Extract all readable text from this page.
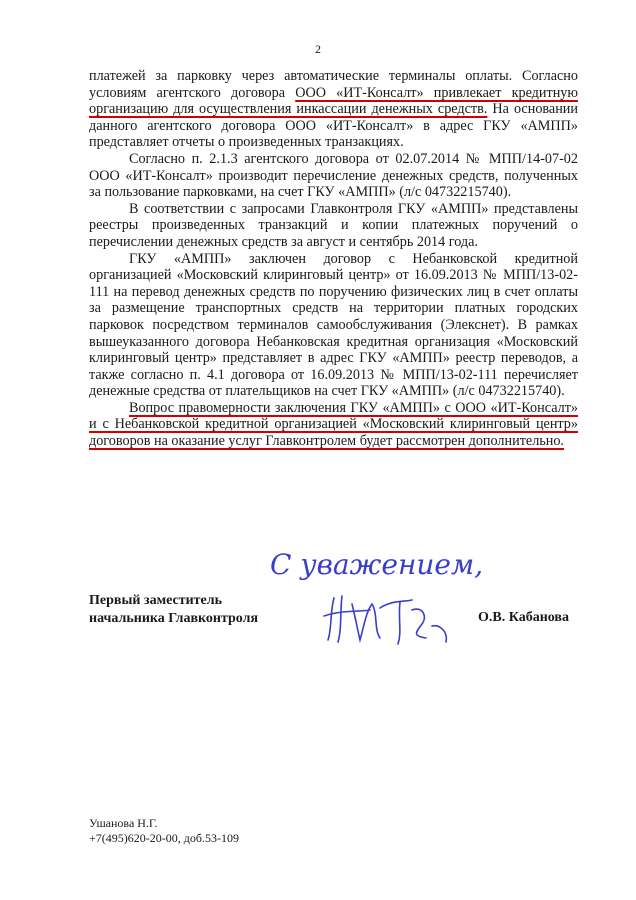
2

платежей за парковку через автоматические терминалы оплаты. Согласно условиям агентского договора ООО «ИТ-Консалт» привлекает кредитную организацию для осуществления инкассации денежных средств. На основании данного агентского договора ООО «ИТ-Консалт» в адрес ГКУ «АМПП» представляет отчеты о произведенных транзакциях.

Согласно п. 2.1.3 агентского договора от 02.07.2014 № МПП/14-07-02 ООО «ИТ-Консалт» производит перечисление денежных средств, полученных за пользование парковками, на счет ГКУ «АМПП» (л/с 04732215740).

В соответствии с запросами Главконтроля ГКУ «АМПП» представлены реестры произведенных транзакций и копии платежных поручений о перечислении денежных средств за август и сентябрь 2014 года.

ГКУ «АМПП» заключен договор с Небанковской кредитной организацией «Московский клиринговый центр» от 16.09.2013 № МПП/13-02-111 на перевод денежных средств по поручению физических лиц в счет оплаты за размещение транспортных средств на территории платных городских парковок посредством терминалов самообслуживания (Элекснет). В рамках вышеуказанного договора Небанковская кредитная организация «Московский клиринговый центр» представляет в адрес ГКУ «АМПП» реестр переводов, а также согласно п. 4.1 договора от 16.09.2013 № МПП/13-02-111 перечисляет денежные средства от плательщиков на счет ГКУ «АМПП» (л/с 04732215740).

Вопрос правомерности заключения ГКУ «АМПП» с ООО «ИТ-Консалт» и с Небанковской кредитной организацией «Московский клиринговый центр» договоров на оказание услуг Главконтролем будет рассмотрен дополнительно.

С уважением,
Первый заместитель
начальника Главконтроля	О.В. Кабанова
Ушанова Н.Г.
+7(495)620-20-00, доб.53-109
